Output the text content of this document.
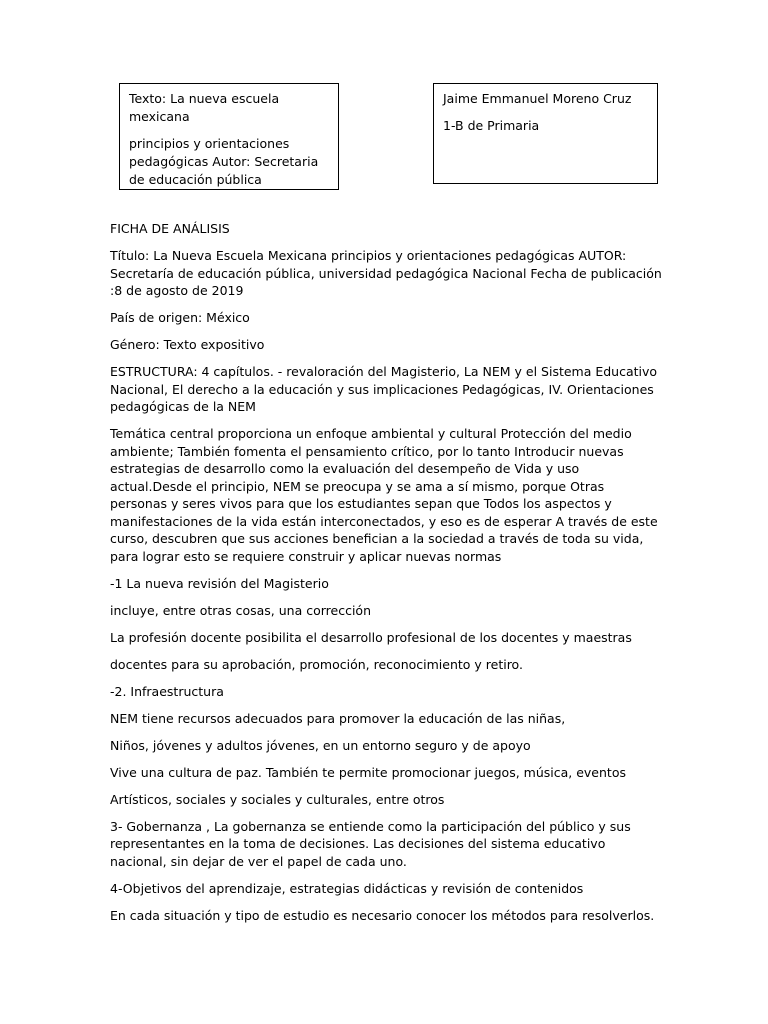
Texto: La nueva escuela mexicana

principios y orientaciones pedagógicas Autor: Secretaria de educación pública

Jaime Emmanuel Moreno Cruz

1-B de Primaria

FICHA DE ANÁLISIS

Título: La Nueva Escuela Mexicana principios y orientaciones pedagógicas AUTOR: Secretaría de educación pública, universidad pedagógica Nacional Fecha de publicación :8 de agosto de 2019

País de origen: México

Género: Texto expositivo

ESTRUCTURA: 4 capítulos. - revaloración del Magisterio, La NEM y el Sistema Educativo Nacional, El derecho a la educación y sus implicaciones Pedagógicas, IV. Orientaciones pedagógicas de la NEM

Temática central proporciona un enfoque ambiental y cultural Protección del medio ambiente; También fomenta el pensamiento crítico, por lo tanto Introducir nuevas estrategias de desarrollo como la evaluación del desempeño de Vida y uso actual.Desde el principio, NEM se preocupa y se ama a sí mismo, porque Otras personas y seres vivos para que los estudiantes sepan que Todos los aspectos y manifestaciones de la vida están interconectados, y eso es de esperar A través de este curso, descubren que sus acciones benefician a la sociedad a través de toda su vida, para lograr esto se requiere construir y aplicar nuevas normas

-1 La nueva revisión del Magisterio

incluye, entre otras cosas, una corrección

La profesión docente posibilita el desarrollo profesional de los docentes y maestras

docentes para su aprobación, promoción, reconocimiento y retiro.

-2. Infraestructura

NEM tiene recursos adecuados para promover la educación de las niñas,

Niños, jóvenes y adultos jóvenes, en un entorno seguro y de apoyo

Vive una cultura de paz. También te permite promocionar juegos, música, eventos

Artísticos, sociales y sociales y culturales, entre otros

3- Gobernanza , La gobernanza se entiende como la participación del público y sus representantes en la toma de decisiones. Las decisiones del sistema educativo nacional, sin dejar de ver el papel de cada uno.

4-Objetivos del aprendizaje, estrategias didácticas y revisión de contenidos

En cada situación y tipo de estudio es necesario conocer los métodos para resolverlos.
